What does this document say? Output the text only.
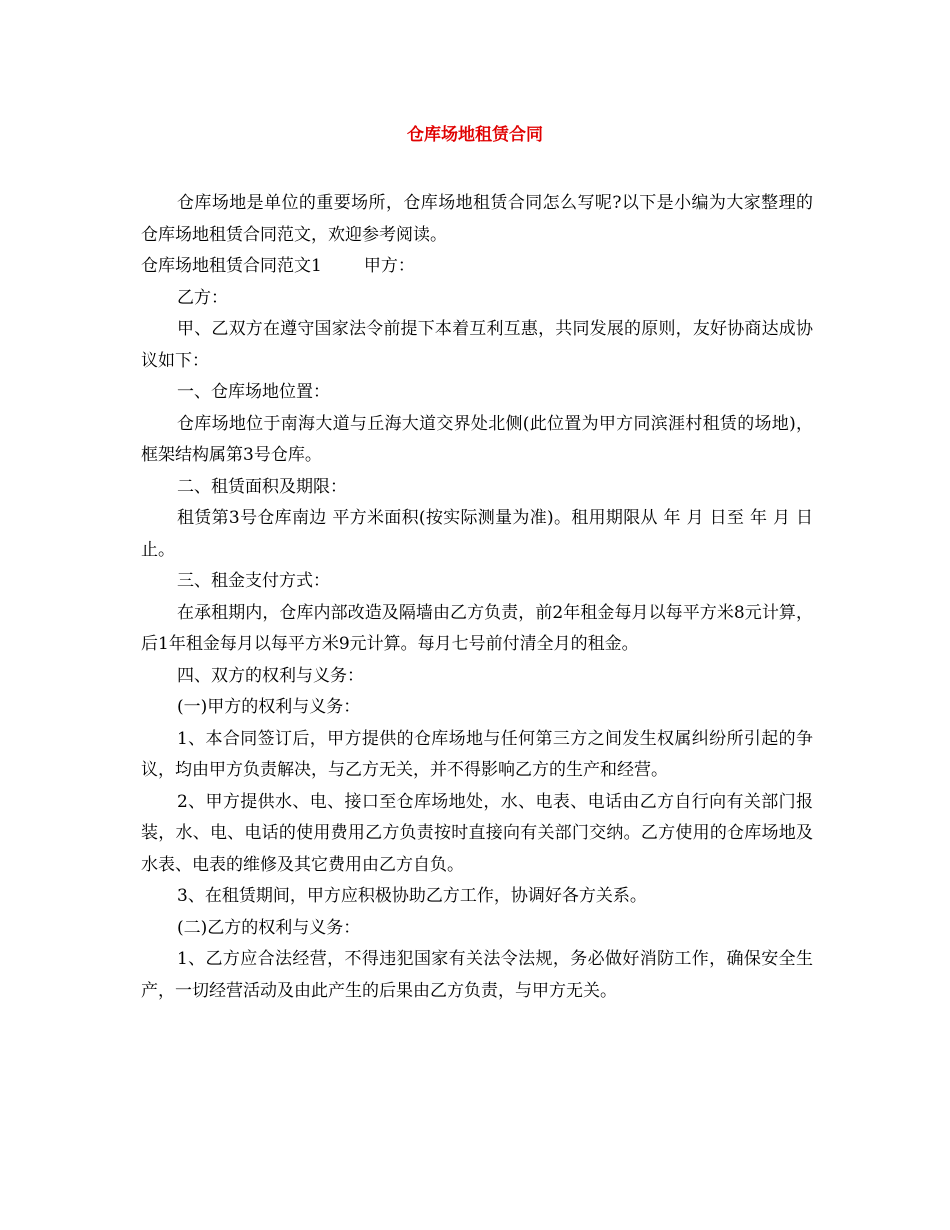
仓库场地租赁合同

仓库场地是单位的重要场所，仓库场地租赁合同怎么写呢?以下是小编为大家整理的仓库场地租赁合同范文，欢迎参考阅读。

仓库场地租赁合同范文1 甲方：

乙方：

甲、乙双方在遵守国家法令前提下本着互利互惠，共同发展的原则，友好协商达成协议如下：

一、仓库场地位置：

仓库场地位于南海大道与丘海大道交界处北侧(此位置为甲方同滨涯村租赁的场地)，框架结构属第3号仓库。

二、租赁面积及期限：

租赁第3号仓库南边 平方米面积(按实际测量为准)。租用期限从 年 月 日至 年 月 日止。

三、租金支付方式：

在承租期内，仓库内部改造及隔墙由乙方负责，前2年租金每月以每平方米8元计算，后1年租金每月以每平方米9元计算。每月七号前付清全月的租金。

四、双方的权利与义务：

(一)甲方的权利与义务：

1、本合同签订后，甲方提供的仓库场地与任何第三方之间发生权属纠纷所引起的争议，均由甲方负责解决，与乙方无关，并不得影响乙方的生产和经营。

2、甲方提供水、电、接口至仓库场地处，水、电表、电话由乙方自行向有关部门报装，水、电、电话的使用费用乙方负责按时直接向有关部门交纳。乙方使用的仓库场地及水表、电表的维修及其它费用由乙方自负。

3、在租赁期间，甲方应积极协助乙方工作，协调好各方关系。

(二)乙方的权利与义务：

1、乙方应合法经营，不得违犯国家有关法令法规，务必做好消防工作，确保安全生产，一切经营活动及由此产生的后果由乙方负责，与甲方无关。
